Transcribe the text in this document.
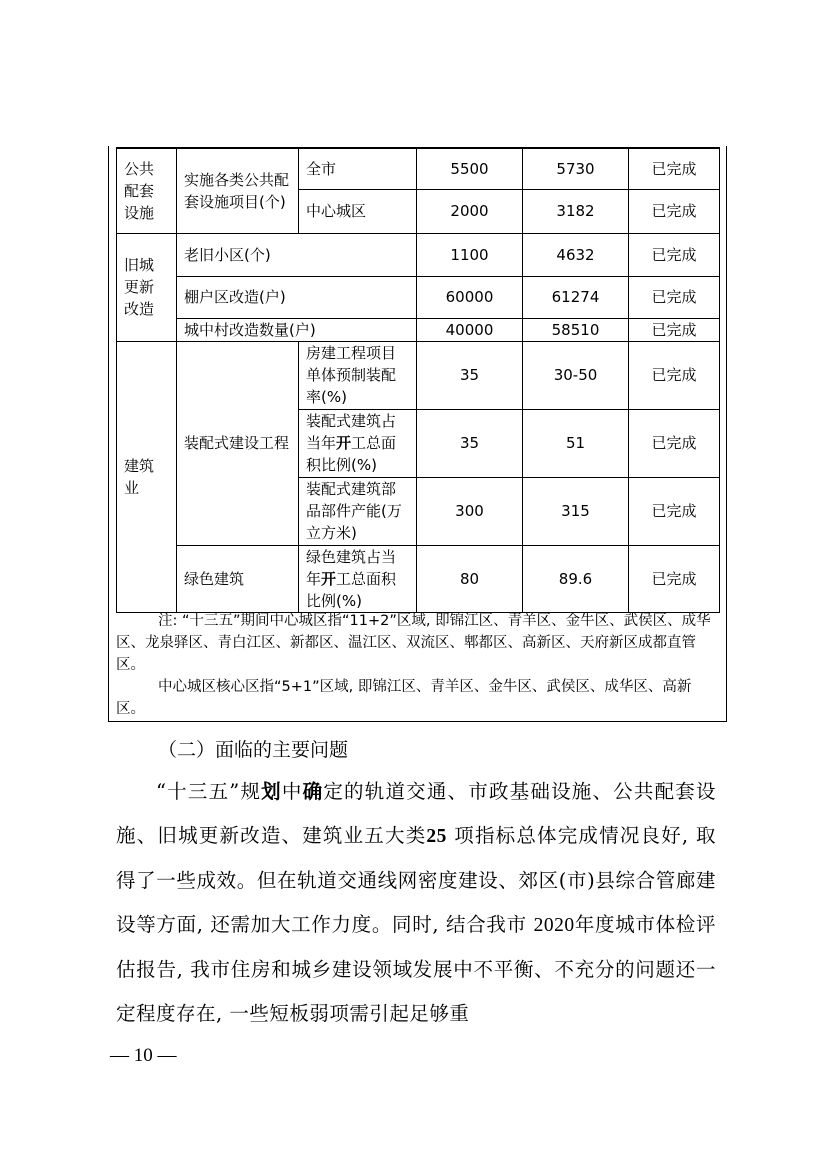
公共
配套
设施	实施各类公共配套设施项目(个)	全市	5500	5730	已完成
		中心城区	2000	3182	已完成
旧城
更新
改造	老旧小区(个)		1100	4632	已完成
	棚户区改造(户)		60000	61274	已完成
	城中村改造数量(户)		40000	58510	已完成
建筑
业	装配式建设工程	房建工程项目单体预制装配率(%)	35	30-50	已完成
		装配式建筑占当年开工总面积比例(%)	35	51	已完成
		装配式建筑部品部件产能(万立方米)	300	315	已完成
	绿色建筑	绿色建筑占当年开工总面积比例(%)	80	89.6	已完成

注: “十三五”期间中心城区指“11+2”区域, 即锦江区、青羊区、金牛区、武侯区、成华区、龙泉驿区、青白江区、新都区、温江区、双流区、郫都区、高新区、天府新区成都直管区。

中心城区核心区指“5+1”区域, 即锦江区、青羊区、金牛区、武侯区、成华区、高新区。

（二）面临的主要问题
“十三五”规划中确定的轨道交通、市政基础设施、公共配套设施、旧城更新改造、建筑业五大类25 项指标总体完成情况良好, 取得了一些成效。但在轨道交通线网密度建设、郊区(市)县综合管廊建设等方面, 还需加大工作力度。同时, 结合我市 2020年度城市体检评估报告, 我市住房和城乡建设领域发展中不平衡、不充分的问题还一定程度存在, 一些短板弱项需引起足够重
— 10 —
